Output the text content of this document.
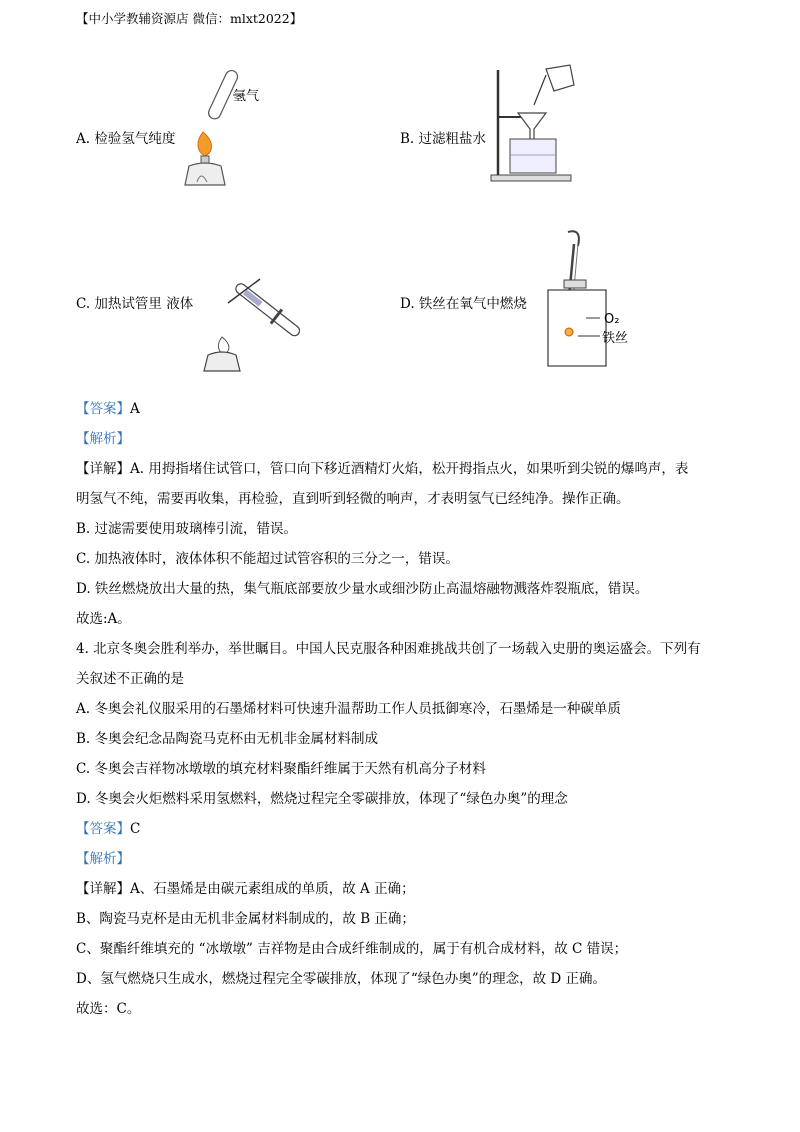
【中小学教辅资源店 微信：mlxt2022】
A. 检验氢气纯度
氢气
B. 过滤粗盐水
C. 加热试管里 液体	D. 铁丝在氧气中燃烧
O₂
铁丝
【答案】A
【解析】
【详解】A. 用拇指堵住试管口，管口向下移近酒精灯火焰，松开拇指点火，如果听到尖锐的爆鸣声，表
明氢气不纯，需要再收集，再检验，直到听到轻微的响声，才表明氢气已经纯净。操作正确。
B. 过滤需要使用玻璃棒引流，错误。
C. 加热液体时，液体体积不能超过试管容积的三分之一，错误。
D. 铁丝燃烧放出大量的热，集气瓶底部要放少量水或细沙防止高温熔融物溅落炸裂瓶底，错误。
故选:A。
4. 北京冬奥会胜利举办，举世瞩目。中国人民克服各种困难挑战共创了一场载入史册的奥运盛会。下列有
关叙述不正确的是
A. 冬奥会礼仪服采用的石墨烯材料可快速升温帮助工作人员抵御寒冷，石墨烯是一种碳单质
B. 冬奥会纪念品陶瓷马克杯由无机非金属材料制成
C. 冬奥会吉祥物冰墩墩的填充材料聚酯纤维属于天然有机高分子材料
D. 冬奥会火炬燃料采用氢燃料，燃烧过程完全零碳排放，体现了“绿色办奥”的理念
【答案】C
【解析】
【详解】A、石墨烯是由碳元素组成的单质，故 A 正确；
B、陶瓷马克杯是由无机非金属材料制成的，故 B 正确；
C、聚酯纤维填充的 “冰墩墩” 吉祥物是由合成纤维制成的，属于有机合成材料，故 C 错误；
D、氢气燃烧只生成水，燃烧过程完全零碳排放，体现了“绿色办奥”的理念，故 D 正确。
故选：C。
